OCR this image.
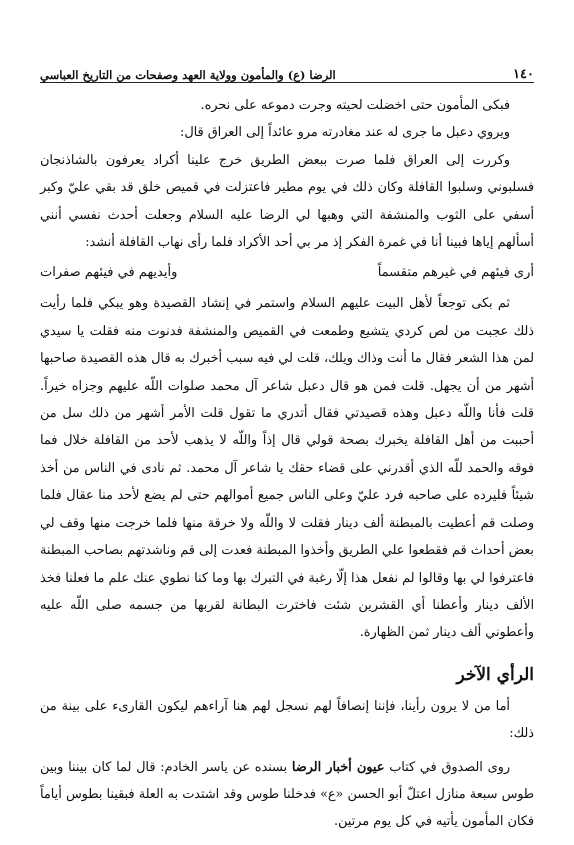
١٤٠
الرضا (ع) والمأمون وولاية العهد وصفحات من التاريخ العباسي

فبكى المأمون حتى اخضلت لحيته وجرت دموعه على نحره.

ويروي دعبل ما جرى له عند مغادرته مرو عائداً إلى العراق قال:

وكررت إلى العراق فلما صرت ببعض الطريق خرج علينا أكراد يعرفون بالشاذنجان فسلبوني وسلبوا القافلة وكان ذلك في يوم مطير فاعتزلت في قميص خلق قد بقي عليّ وكبر أسفي على الثوب والمنشفة التي وهبها لي الرضا عليه السلام وجعلت أحدث نفسي أنني أسألهم إياها فبينا أنا في غمرة الفكر إذ مر بي أحد الأكراد فلما رأى نهاب القافلة أنشد:

أرى فيئهم في غيرهم متقسماً
وأيديهم في فيئهم صفرات

ثم بكى توجعاً لأهل البيت عليهم السلام واستمر في إنشاد القصيدة وهو يبكي فلما رأيت ذلك عجبت من لص كردي يتشيع وطمعت في القميص والمنشفة فدنوت منه فقلت يا سيدي لمن هذا الشعر فقال ما أنت وذاك ويلك، قلت لي فيه سبب أخبرك به قال هذه القصيدة صاحبها أشهر من أن يجهل. قلت فمن هو قال دعبل شاعر آل محمد صلوات اللّه عليهم وجزاه خيراً. قلت فأنا واللّه دعبل وهذه قصيدتي فقال أتدري ما تقول قلت الأمر أشهر من ذلك سل من أحببت من أهل القافلة يخبرك بصحة قولي قال إذاً واللّه لا يذهب لأحد من القافلة خلال فما فوقه والحمد للّه الذي أقدرني على قضاء حقك يا شاعر آل محمد. ثم نادى في الناس من أخذ شيئاً فليرده على صاحبه فرد عليّ وعلى الناس جميع أموالهم حتى لم يضع لأحد منا عقال فلما وصلت قم أعطيت بالمبطنة ألف دينار فقلت لا واللّه ولا خرقة منها فلما خرجت منها وقف لي بعض أحداث قم فقطعوا علي الطريق وأخذوا المبطنة فعدت إلى قم وناشدتهم بصاحب المبطنة فاعترفوا لي بها وقالوا لم نفعل هذا إلّا رغبة في التبرك بها وما كنا نطوي عنك علم ما فعلنا فخذ الألف دينار وأعطنا أي القشرين شئت فاخترت البطانة لقربها من جسمه صلى اللّه عليه وأعطوني ألف دينار ثمن الظهارة.

الرأي الآخر

أما من لا يرون رأينا، فإننا إنصافاً لهم نسجل لهم هنا آراءهم ليكون القارىء على بينة من ذلك:

روى الصدوق في كتاب عيون أخبار الرضا بسنده عن ياسر الخادم: قال لما كان بيننا وبين طوس سبعة منازل اعتلّ أبو الحسن «ع» فدخلنا طوس وقد اشتدت به العلة فبقينا بطوس أياماً فكان المأمون يأتيه في كل يوم مرتين.
